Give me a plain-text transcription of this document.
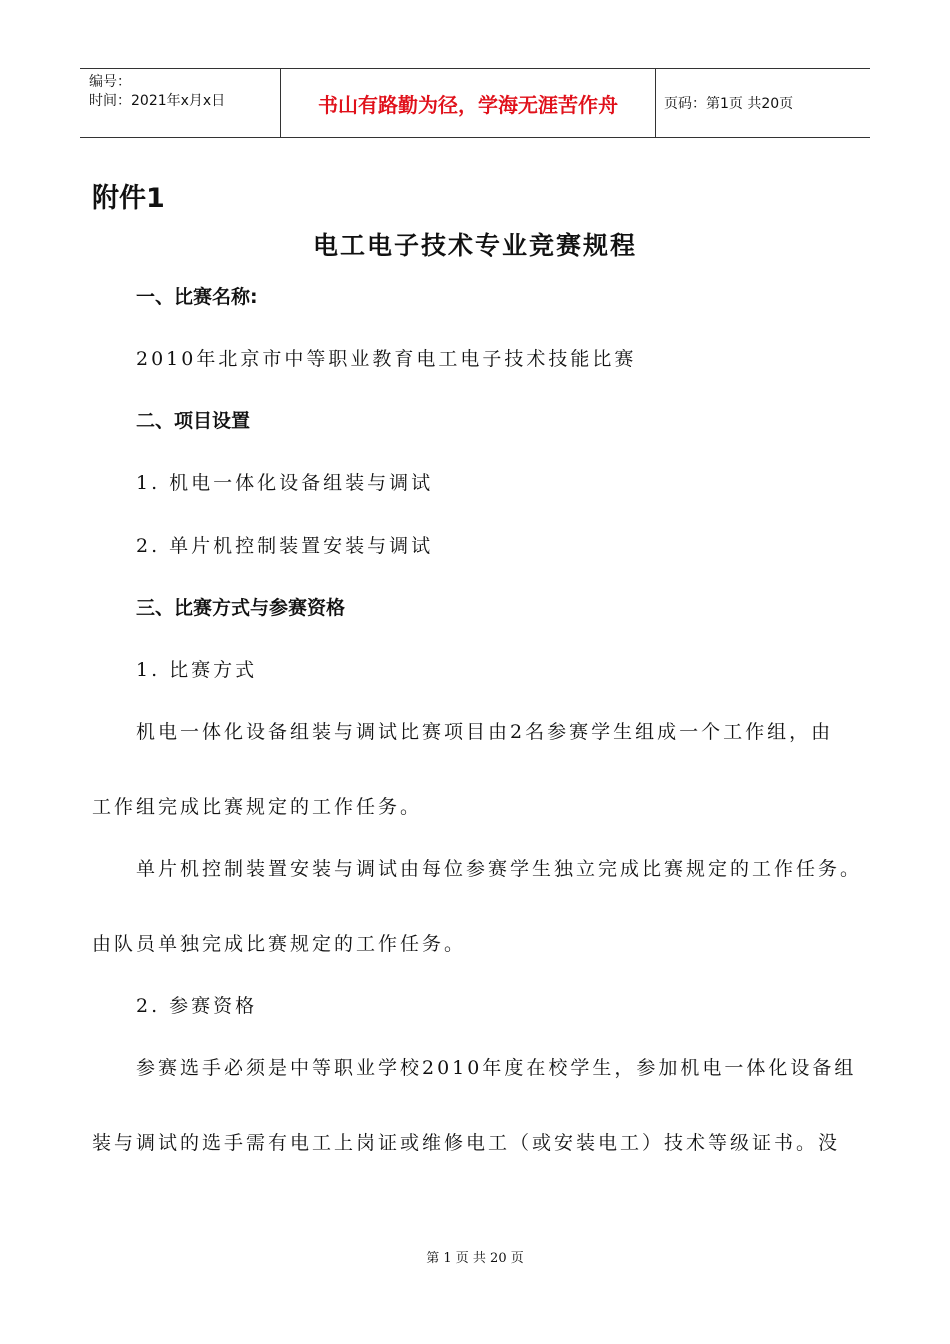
编号：
时间：2021年x月x日	书山有路勤为径，学海无涯苦作舟	页码：第1页 共20页
附件1
电工电子技术专业竞赛规程
一、比赛名称:
2010年北京市中等职业教育电工电子技术技能比赛
二、项目设置
1. 机电一体化设备组装与调试
2. 单片机控制装置安装与调试
三、比赛方式与参赛资格
1. 比赛方式
机电一体化设备组装与调试比赛项目由2名参赛学生组成一个工作组，由
工作组完成比赛规定的工作任务。
单片机控制装置安装与调试由每位参赛学生独立完成比赛规定的工作任务。
由队员单独完成比赛规定的工作任务。
2. 参赛资格
参赛选手必须是中等职业学校2010年度在校学生，参加机电一体化设备组
装与调试的选手需有电工上岗证或维修电工（或安装电工）技术等级证书。没
第 1 页 共 20 页
